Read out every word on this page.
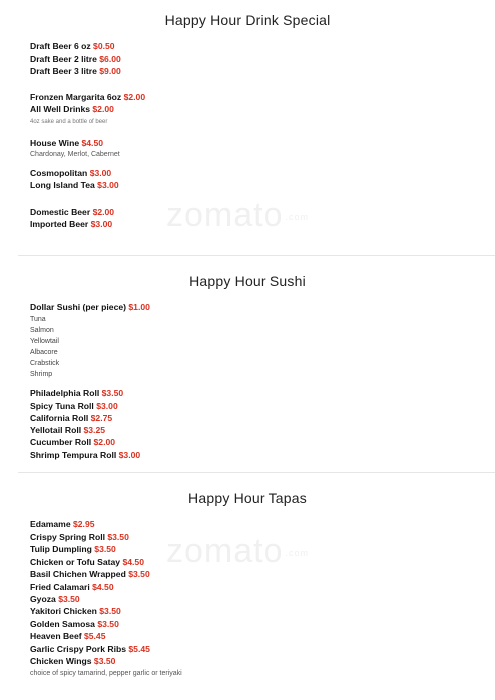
zomato .com
zomato .com
Happy Hour Drink Special
Draft Beer 6 oz $0.50
Draft Beer 2 litre $6.00
Draft Beer 3 litre $9.00
Fronzen Margarita 6oz $2.00
All Well Drinks $2.00
4oz sake and a bottle of beer
House Wine $4.50
Chardonay, Merlot, Cabernet
Cosmopolitan $3.00
Long Island Tea $3.00
Domestic Beer $2.00
Imported Beer $3.00
Happy Hour Sushi
Dollar Sushi (per piece) $1.00
Tuna
Salmon
Yellowtail
Albacore
Crabstick
Shrimp
Philadelphia Roll $3.50
Spicy Tuna Roll $3.00
California Roll $2.75
Yellotail Roll $3.25
Cucumber Roll $2.00
Shrimp Tempura Roll $3.00
Happy Hour Tapas
Edamame $2.95
Crispy Spring Roll $3.50
Tulip Dumpling $3.50
Chicken or Tofu Satay $4.50
Basil Chichen Wrapped $3.50
Fried Calamari $4.50
Gyoza $3.50
Yakitori Chicken $3.50
Golden Samosa $3.50
Heaven Beef $5.45
Garlic Crispy Pork Ribs $5.45
Chicken Wings $3.50
choice of spicy tamarind, pepper garlic or teriyaki
